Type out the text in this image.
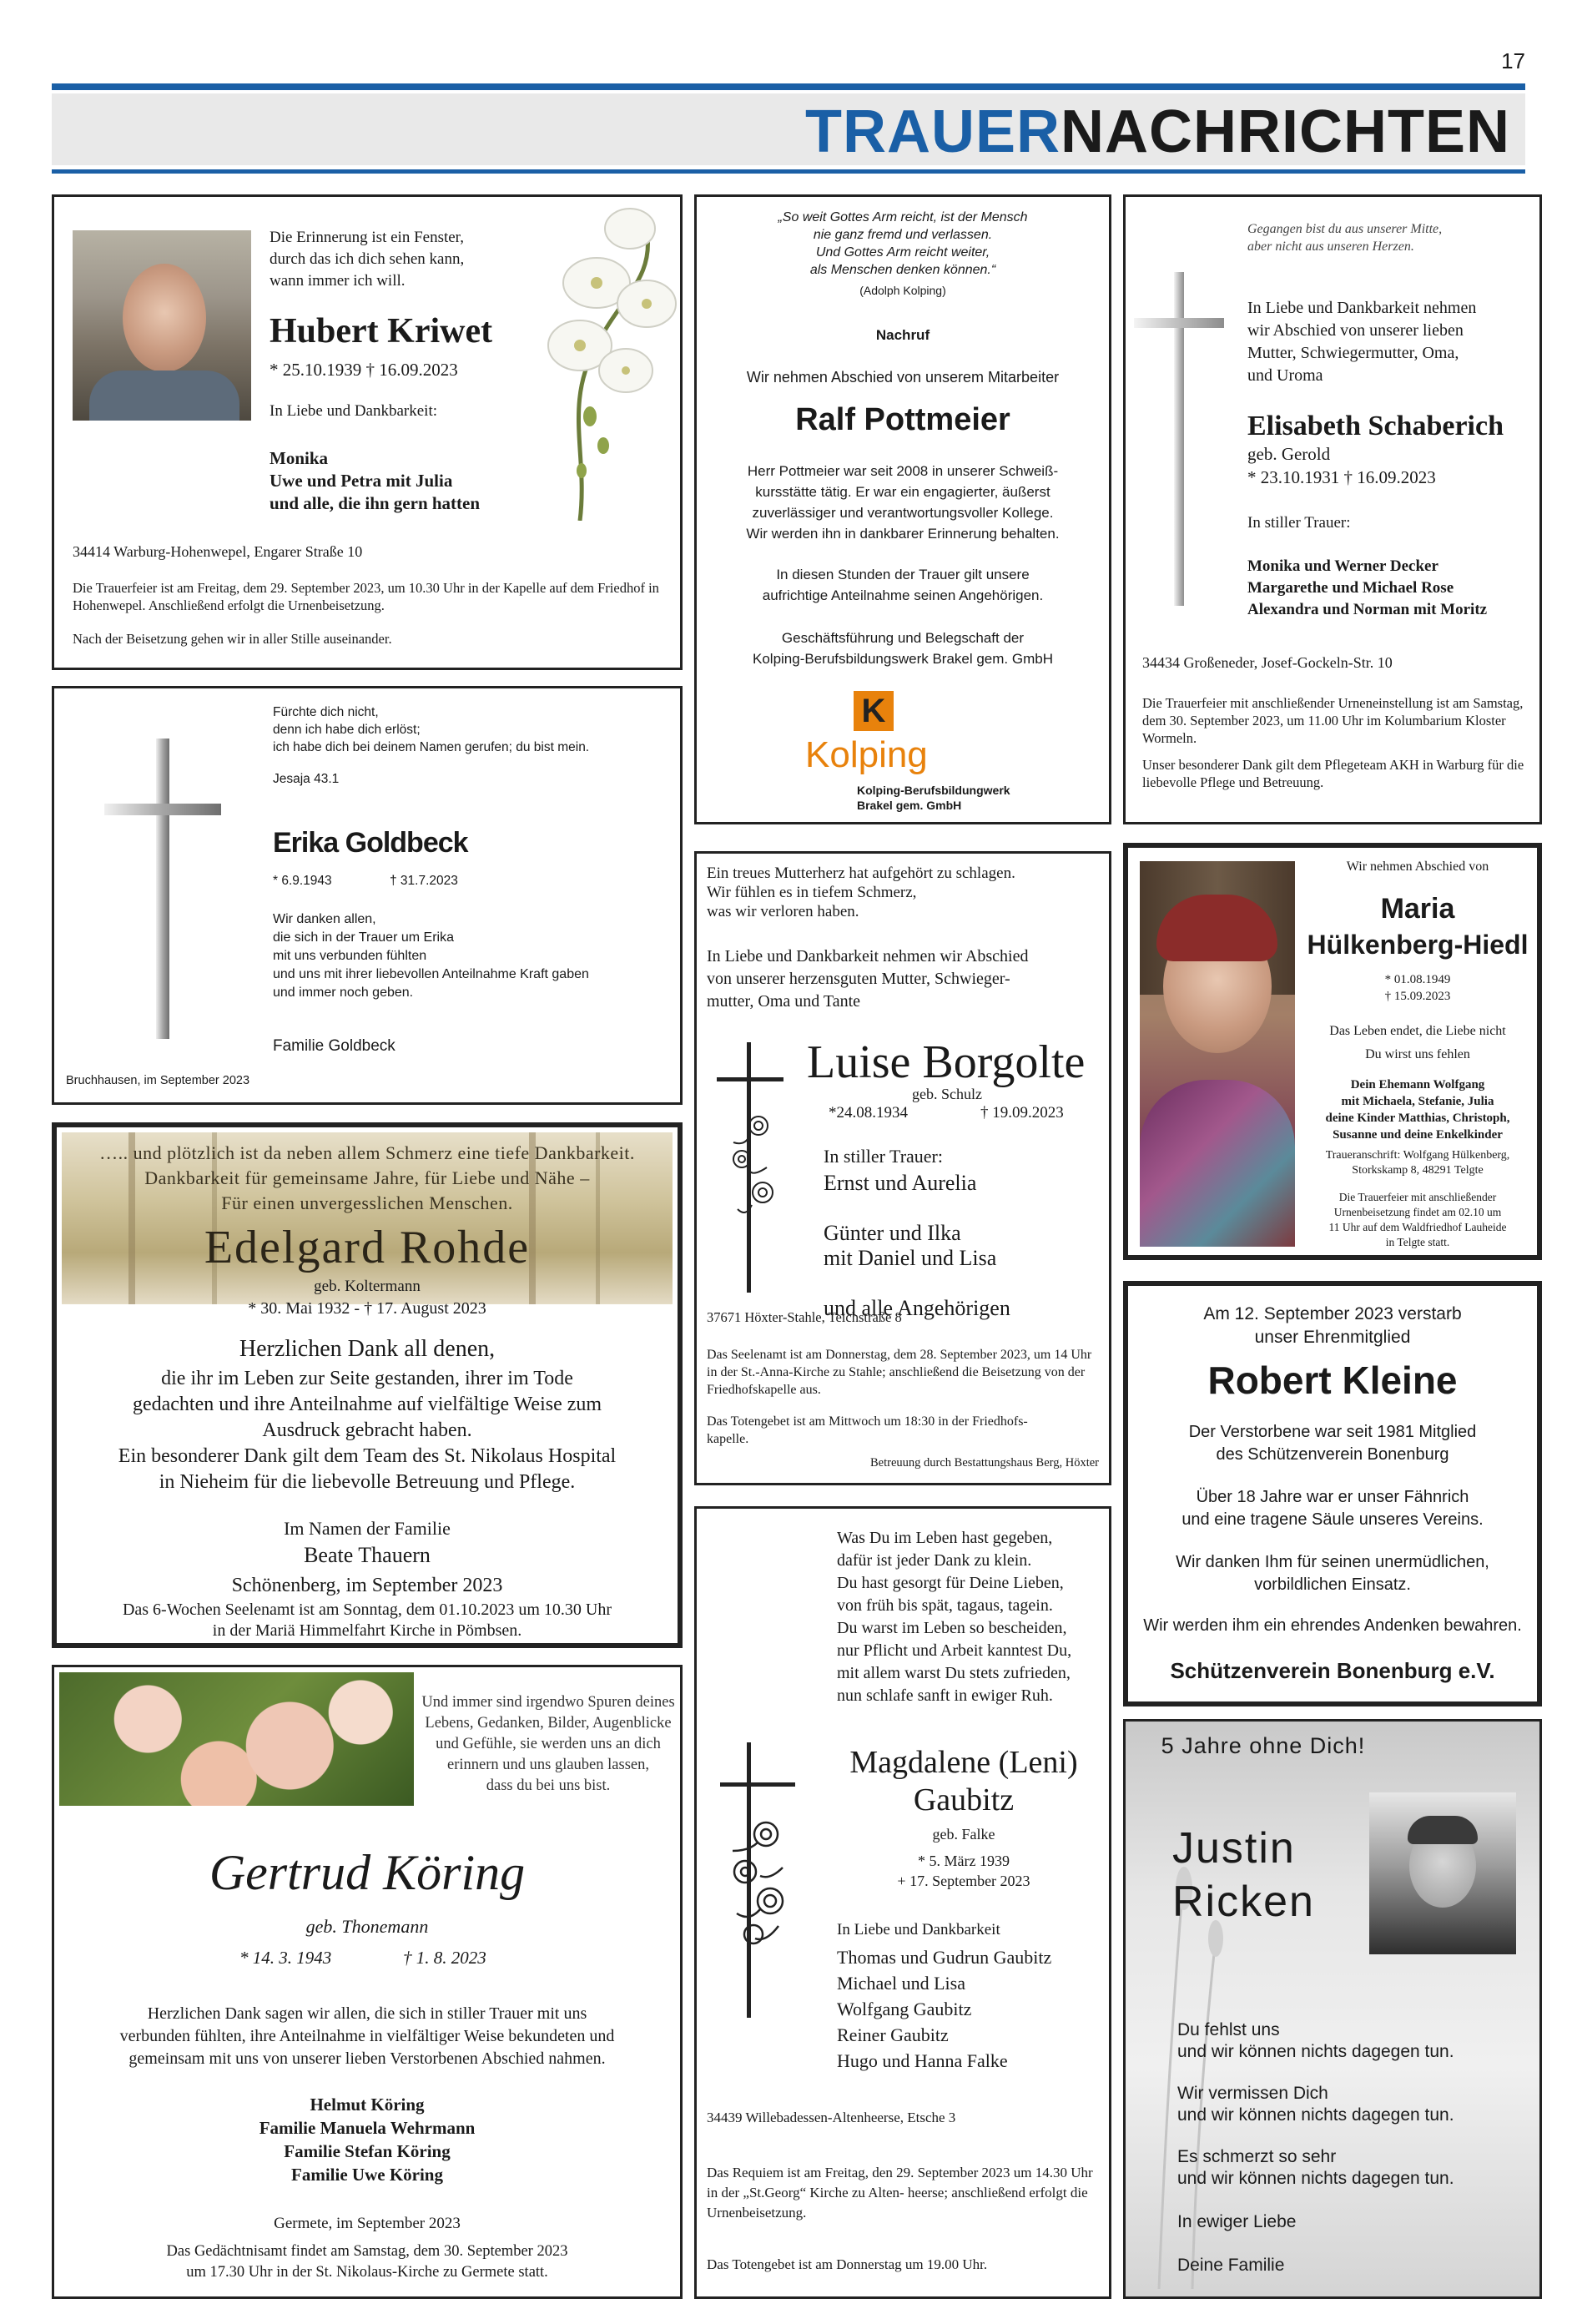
17
TRAUERNACHRICHTEN
Die Erinnerung ist ein Fenster,
durch das ich dich sehen kann,
wann immer ich will.
Hubert Kriwet
* 25.10.1939 † 16.09.2023
In Liebe und Dankbarkeit:
Monika
Uwe und Petra mit Julia
und alle, die ihn gern hatten
34414 Warburg-Hohenwepel, Engarer Straße 10
Die Trauerfeier ist am Freitag, dem 29. September 2023, um 10.30 Uhr in der Kapelle auf dem Friedhof in Hohenwepel. Anschließend erfolgt die Urnenbeisetzung.
Nach der Beisetzung gehen wir in aller Stille auseinander.
„So weit Gottes Arm reicht, ist der Mensch
nie ganz fremd und verlassen.
Und Gottes Arm reicht weiter,
als Menschen denken können.“
(Adolph Kolping)
Nachruf
Wir nehmen Abschied von unserem Mitarbeiter
Ralf Pottmeier
Herr Pottmeier war seit 2008 in unserer Schweiß-
kursstätte tätig. Er war ein engagierter, äußerst
zuverlässiger und verantwortungsvoller Kollege.
Wir werden ihn in dankbarer Erinnerung behalten.
In diesen Stunden der Trauer gilt unsere
aufrichtige Anteilnahme seinen Angehörigen.
Geschäftsführung und Belegschaft der
Kolping-Berufsbildungswerk Brakel gem. GmbH
K
Kolping
Kolping-Berufsbildungwerk
Brakel gem. GmbH
Gegangen bist du aus unserer Mitte,
aber nicht aus unseren Herzen.
In Liebe und Dankbarkeit nehmen
wir Abschied von unserer lieben
Mutter, Schwiegermutter, Oma,
und Uroma
Elisabeth Schaberich
geb. Gerold
* 23.10.1931 † 16.09.2023
In stiller Trauer:
Monika und Werner Decker
Margarethe und Michael Rose
Alexandra und Norman mit Moritz
34434 Großeneder, Josef-Gockeln-Str. 10
Die Trauerfeier mit anschließender Urneneinstellung ist am Samstag, dem 30. September 2023, um 11.00 Uhr im Kolumbarium Kloster Wormeln.
Unser besonderer Dank gilt dem Pflegeteam AKH in Warburg für die liebevolle Pflege und Betreuung.
Fürchte dich nicht,
denn ich habe dich erlöst;
ich habe dich bei deinem Namen gerufen; du bist mein.
Jesaja 43.1
Erika Goldbeck
* 6.9.1943	† 31.7.2023
Wir danken allen,
die sich in der Trauer um Erika
mit uns verbunden fühlten
und uns mit ihrer liebevollen Anteilnahme Kraft gaben
und immer noch geben.
Familie Goldbeck
Bruchhausen, im September 2023
Ein treues Mutterherz hat aufgehört zu schlagen.
Wir fühlen es in tiefem Schmerz,
was wir verloren haben.
In Liebe und Dankbarkeit nehmen wir Abschied
von unserer herzensguten Mutter, Schwieger-
mutter, Oma und Tante
Luise Borgolte
geb. Schulz
*24.08.1934	† 19.09.2023
In stiller Trauer:
Ernst und Aurelia

Günter und Ilka
mit Daniel und Lisa

und alle Angehörigen
37671 Höxter-Stahle, Teichstraße 8
Das Seelenamt ist am Donnerstag, dem 28. September 2023, um 14 Uhr in der St.-Anna-Kirche zu Stahle; anschließend die Beisetzung von der Friedhofskapelle aus.
Das Totengebet ist am Mittwoch um 18:30 in der Friedhofs-
kapelle.
Betreuung durch Bestattungshaus Berg, Höxter
Wir nehmen Abschied von
Maria
Hülkenberg-Hiedl
* 01.08.1949
† 15.09.2023
Das Leben endet, die Liebe nicht
Du wirst uns fehlen
Dein Ehemann Wolfgang
mit Michaela, Stefanie, Julia
deine Kinder Matthias, Christoph,
Susanne und deine Enkelkinder
Traueranschrift: Wolfgang Hülkenberg,
Storkskamp 8, 48291 Telgte
Die Trauerfeier mit anschließender
Urnenbeisetzung findet am 02.10 um
11 Uhr auf dem Waldfriedhof Lauheide
in Telgte statt.
….. und plötzlich ist da neben allem Schmerz eine tiefe Dankbarkeit.
Dankbarkeit für gemeinsame Jahre, für Liebe und Nähe –
Für einen unvergesslichen Menschen.
Edelgard Rohde
geb. Koltermann
* 30. Mai 1932 - † 17. August 2023
Herzlichen Dank all denen,
die ihr im Leben zur Seite gestanden, ihrer im Tode
gedachten und ihre Anteilnahme auf vielfältige Weise zum
Ausdruck gebracht haben.
Ein besonderer Dank gilt dem Team des St. Nikolaus Hospital
in Nieheim für die liebevolle Betreuung und Pflege.
Im Namen der Familie
Beate Thauern
Schönenberg, im September 2023
Das 6-Wochen Seelenamt ist am Sonntag, dem 01.10.2023 um 10.30 Uhr
in der Mariä Himmelfahrt Kirche in Pömbsen.
Am 12. September 2023 verstarb
unser Ehrenmitglied
Robert Kleine
Der Verstorbene war seit 1981 Mitglied
des Schützenverein Bonenburg
Über 18 Jahre war er unser Fähnrich
und eine tragene Säule unseres Vereins.
Wir danken Ihm für seinen unermüdlichen,
vorbildlichen Einsatz.
Wir werden ihm ein ehrendes Andenken bewahren.
Schützenverein Bonenburg e.V.
Was Du im Leben hast gegeben,
dafür ist jeder Dank zu klein.
Du hast gesorgt für Deine Lieben,
von früh bis spät, tagaus, tagein.
Du warst im Leben so bescheiden,
nur Pflicht und Arbeit kanntest Du,
mit allem warst Du stets zufrieden,
nun schlafe sanft in ewiger Ruh.
Magdalene (Leni)
Gaubitz
geb. Falke
* 5. März 1939
+ 17. September 2023
In Liebe und Dankbarkeit
Thomas und Gudrun Gaubitz
Michael und Lisa
Wolfgang Gaubitz
Reiner Gaubitz
Hugo und Hanna Falke
34439 Willebadessen-Altenheerse, Etsche 3
Das Requiem ist am Freitag, den 29. September 2023 um 14.30 Uhr in der „St.Georg“ Kirche zu Alten- heerse; anschließend erfolgt die Urnenbeisetzung.
Das Totengebet ist am Donnerstag um 19.00 Uhr.
Und immer sind irgendwo Spuren deines
Lebens, Gedanken, Bilder, Augenblicke
und Gefühle, sie werden uns an dich
erinnern und uns glauben lassen,
dass du bei uns bist.
Gertrud Köring
geb. Thonemann
* 14. 3. 1943	† 1. 8. 2023
Herzlichen Dank sagen wir allen, die sich in stiller Trauer mit uns
verbunden fühlten, ihre Anteilnahme in vielfältiger Weise bekundeten und
gemeinsam mit uns von unserer lieben Verstorbenen Abschied nahmen.
Helmut Köring
Familie Manuela Wehrmann
Familie Stefan Köring
Familie Uwe Köring
Germete, im September 2023
Das Gedächtnisamt findet am Samstag, dem 30. September 2023
um 17.30 Uhr in der St. Nikolaus-Kirche zu Germete statt.
5 Jahre ohne Dich!
Justin
Ricken
Du fehlst uns
und wir können nichts dagegen tun.
Wir vermissen Dich
und wir können nichts dagegen tun.
Es schmerzt so sehr
und wir können nichts dagegen tun.
In ewiger Liebe
Deine Familie
